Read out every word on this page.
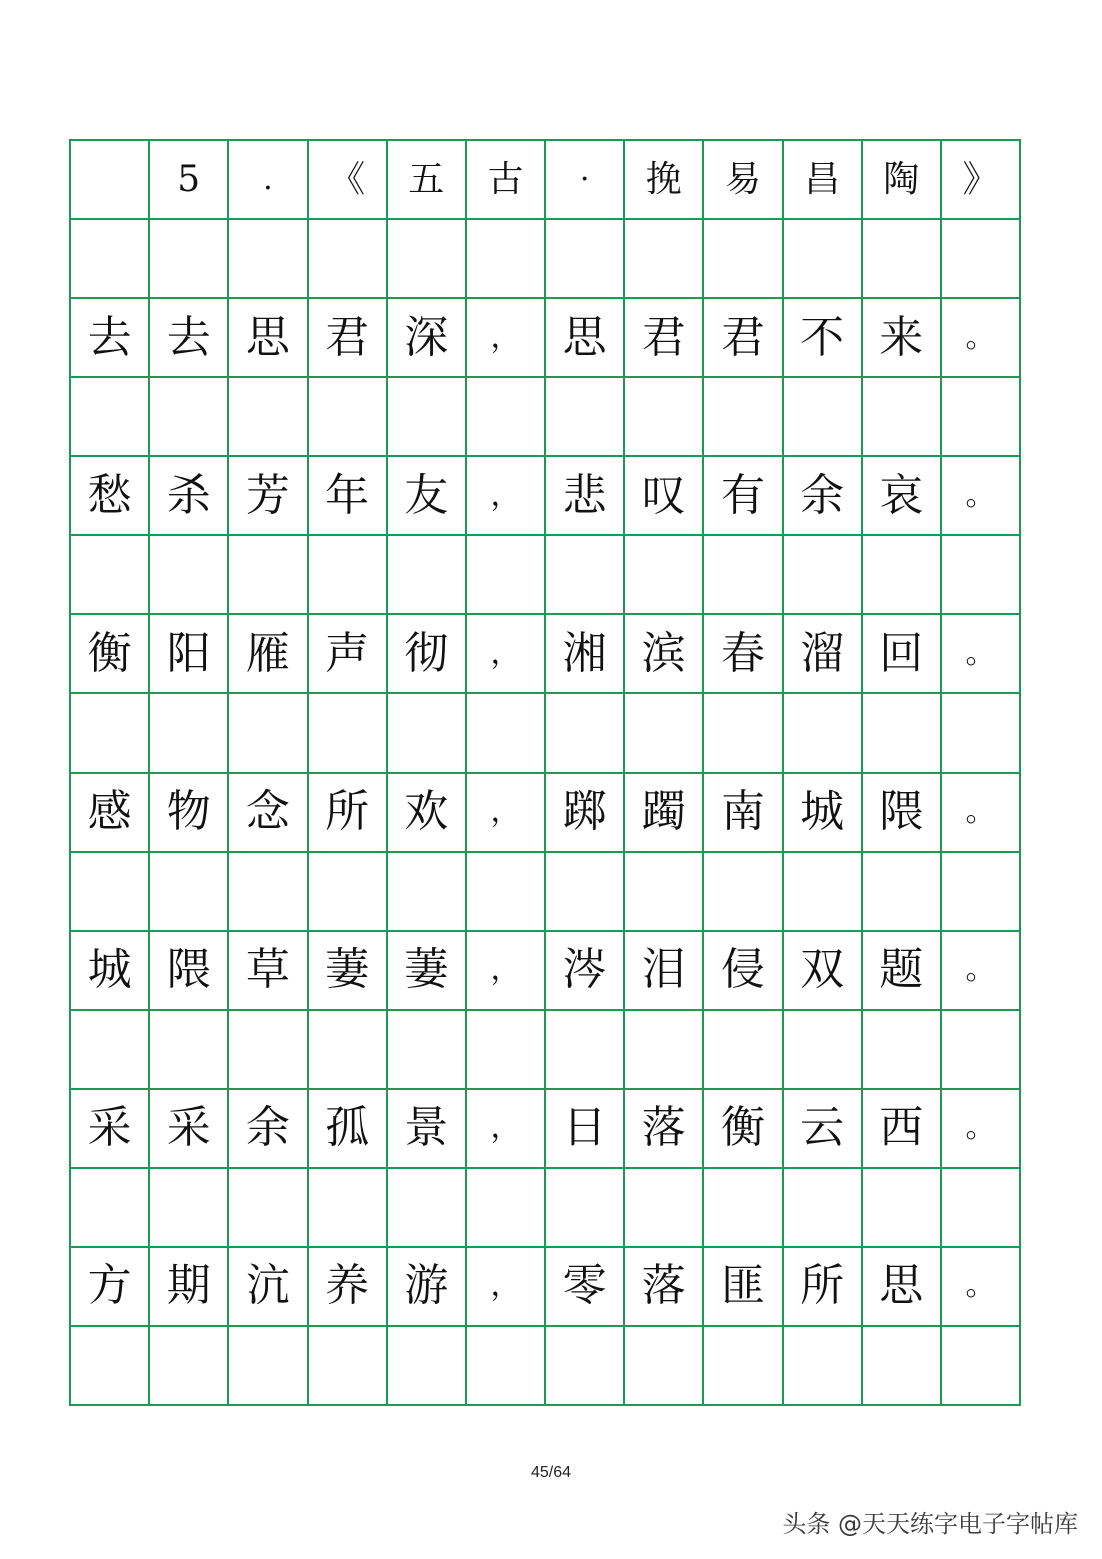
5	.	《	五	古	·	挽	易	昌	陶	》
去 去 思 君 深	， 思 君 君 不 来	。
愁 杀 芳 年 友	， 悲 叹 有 余 哀	。
衡 阳 雁 声 彻	， 湘 滨 春 溜 回	。
感 物 念 所 欢	， 踯 躅 南 城 隈	。
城 隈 草 萋 萋	， 涔 泪 侵 双 题	。
采 采 余 孤 景	， 日 落 衡 云 西	。
方 期 沆 养 游	， 零 落 匪 所 思	。
45/64
头条 @天天练字电子字帖库
